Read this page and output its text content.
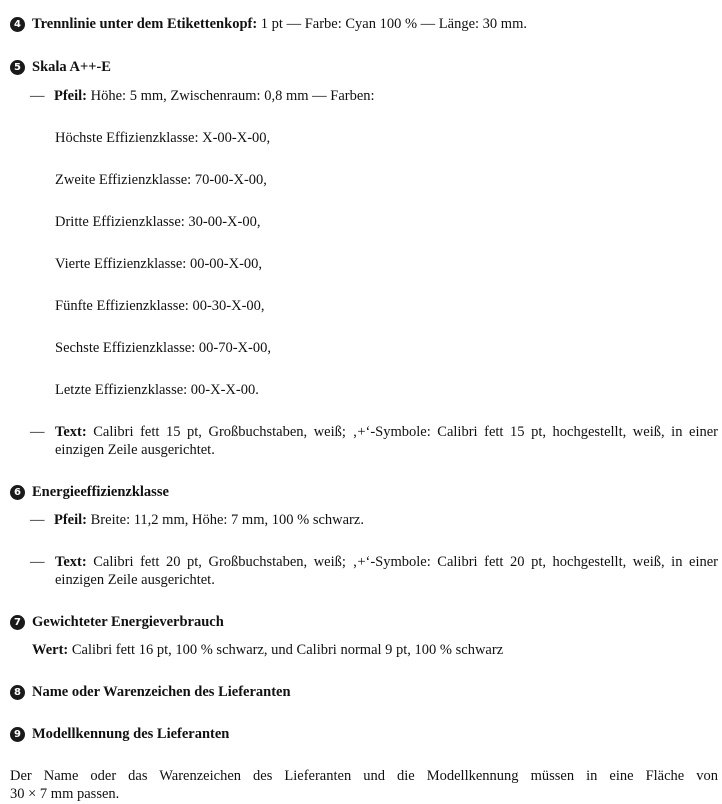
4 Trennlinie unter dem Etikettenkopf: 1 pt — Farbe: Cyan 100 % — Länge: 30 mm.
5 Skala A++-E
— Pfeil: Höhe: 5 mm, Zwischenraum: 0,8 mm — Farben:
Höchste Effizienzklasse: X-00-X-00,
Zweite Effizienzklasse: 70-00-X-00,
Dritte Effizienzklasse: 30-00-X-00,
Vierte Effizienzklasse: 00-00-X-00,
Fünfte Effizienzklasse: 00-30-X-00,
Sechste Effizienzklasse: 00-70-X-00,
Letzte Effizienzklasse: 00-X-X-00.
— Text: Calibri fett 15 pt, Großbuchstaben, weiß; ‚+‘-Symbole: Calibri fett 15 pt, hochgestellt, weiß, in einer
einzigen Zeile ausgerichtet.
6 Energieeffizienzklasse
— Pfeil: Breite: 11,2 mm, Höhe: 7 mm, 100 % schwarz.
— Text: Calibri fett 20 pt, Großbuchstaben, weiß; ‚+‘-Symbole: Calibri fett 20 pt, hochgestellt, weiß, in einer
einzigen Zeile ausgerichtet.
7 Gewichteter Energieverbrauch
Wert: Calibri fett 16 pt, 100 % schwarz, und Calibri normal 9 pt, 100 % schwarz
8 Name oder Warenzeichen des Lieferanten
9 Modellkennung des Lieferanten
Der Name oder das Warenzeichen des Lieferanten und die Modellkennung müssen in eine Fläche von
30 × 7 mm passen.
